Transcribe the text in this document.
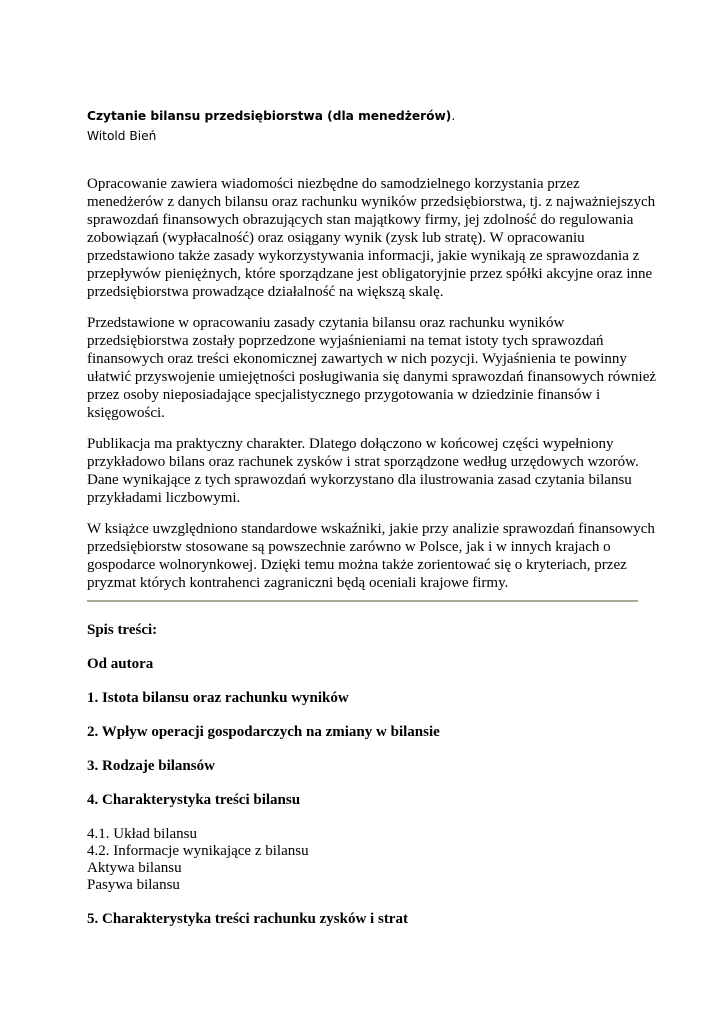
Czytanie bilansu przedsiębiorstwa (dla menedżerów).
Witold Bień

Opracowanie zawiera wiadomości niezbędne do samodzielnego korzystania przez menedżerów z danych bilansu oraz rachunku wyników przedsiębiorstwa, tj. z najważniejszych sprawozdań finansowych obrazujących stan majątkowy firmy, jej zdolność do regulowania zobowiązań (wypłacalność) oraz osiągany wynik (zysk lub stratę). W opracowaniu przedstawiono także zasady wykorzystywania informacji, jakie wynikają ze sprawozdania z przepływów pieniężnych, które sporządzane jest obligatoryjnie przez spółki akcyjne oraz inne przedsiębiorstwa prowadzące działalność na większą skalę.

Przedstawione w opracowaniu zasady czytania bilansu oraz rachunku wyników przedsiębiorstwa zostały poprzedzone wyjaśnieniami na temat istoty tych sprawozdań finansowych oraz treści ekonomicznej zawartych w nich pozycji. Wyjaśnienia te powinny ułatwić przyswojenie umiejętności posługiwania się danymi sprawozdań finansowych również przez osoby nieposiadające specjalistycznego przygotowania w dziedzinie finansów i księgowości.

Publikacja ma praktyczny charakter. Dlatego dołączono w końcowej części wypełniony przykładowo bilans oraz rachunek zysków i strat sporządzone według urzędowych wzorów. Dane wynikające z tych sprawozdań wykorzystano dla ilustrowania zasad czytania bilansu przykładami liczbowymi.

W książce uwzględniono standardowe wskaźniki, jakie przy analizie sprawozdań finansowych przedsiębiorstw stosowane są powszechnie zarówno w Polsce, jak i w innych krajach o gospodarce wolnorynkowej. Dzięki temu można także zorientować się o kryteriach, przez pryzmat których kontrahenci zagraniczni będą oceniali krajowe firmy.

Spis treści:
Od autora
1. Istota bilansu oraz rachunku wyników
2. Wpływ operacji gospodarczych na zmiany w bilansie
3. Rodzaje bilansów
4. Charakterystyka treści bilansu
4.1. Układ bilansu
4.2. Informacje wynikające z bilansu
Aktywa bilansu
Pasywa bilansu
5. Charakterystyka treści rachunku zysków i strat
